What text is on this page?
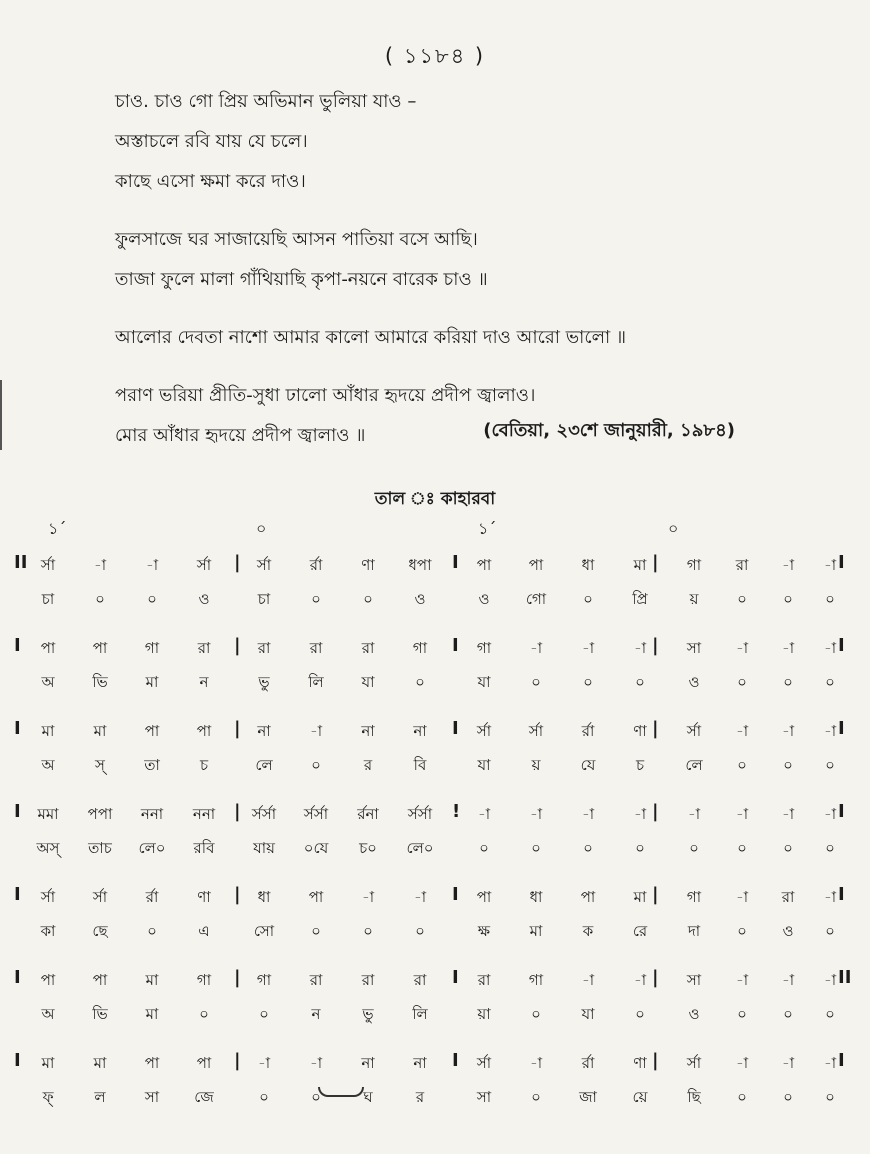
( ১১৮৪ )
চাও. চাও গো প্রিয় অভিমান ভুলিয়া যাও –
অস্তাচলে রবি যায় যে চলে।
কাছে এসো ক্ষমা করে দাও।
ফুলসাজে ঘর সাজায়েছি আসন পাতিয়া বসে আছি।
তাজা ফুলে মালা গাঁথিয়াছি কৃপা-নয়নে বারেক চাও ॥
আলোর দেবতা নাশো আমার কালো আমারে করিয়া দাও আরো ভালো ॥
পরাণ ভরিয়া প্রীতি-সুধা ঢালো আঁধার হৃদয়ে প্রদীপ জ্বালাও।
মোর আঁধার হৃদয়ে প্রদীপ জ্বালাও ॥	(বেতিয়া, ২৩শে জানুয়ারী, ১৯৮৪)
তাল ঃ কাহারবা
১´	০	১´	০
II	|	I	|	I
র্সা	-া	-া	র্সা	র্সা	র্রা	ণা	ধপা	পা	পা	ধা	মা	গা	রা	-া	-া
চা	০	০	ও	চা	০	০	ও	ও	গো	০	প্রি	য়	০	০	০
I	|	I	|	I
পা	পা	গা	রা	রা	রা	রা	গা	গা	-া	-া	-া	সা	-া	-া	-া
অ	ভি	মা	ন	ভু	লি	যা	০	যা	০	০	০	ও	০	০	০
I	|	I	|	I
মা	মা	পা	পা	না	-া	না	না	র্সা	র্সা	র্রা	ণা	র্সা	-া	-া	-া
অ	স্	তা	চ	লে	০	র	বি	যা	য়	যে	চ	লে	০	০	০
I	|	!	|	I
মমা	পপা	ননা	ননা	র্সর্সা	র্সর্সা	র্রনা	র্সর্সা	-া	-া	-া	-া	-া	-া	-া	-া
অস্	তাচ	লে০	রবি	যায়	০যে	চ০	লে০	০	০	০	০	০	০	০	০
I	|	I	|	I
র্সা	র্সা	র্রা	ণা	ধা	পা	-া	-া	পা	ধা	পা	মা	গা	-া	রা	-া
কা	ছে	০	এ	সো	০	০	০	ক্ষ	মা	ক	রে	দা	০	ও	০
I	|	I	|	II
পা	পা	মা	গা	গা	রা	রা	রা	রা	গা	-া	-া	সা	-া	-া	-া
অ	ভি	মা	০	০	ন	ভু	লি	য়া	০	যা	০	ও	০	০	০
I	|	I	|	I
মা	মা	পা	পা	-া	-া	না	না	র্সা	-া	র্রা	ণা	র্সা	-া	-া	-া
ফ্	ল	সা	জে	০	০	ঘ	র	সা	০	জা	য়ে	ছি	০	০	০
